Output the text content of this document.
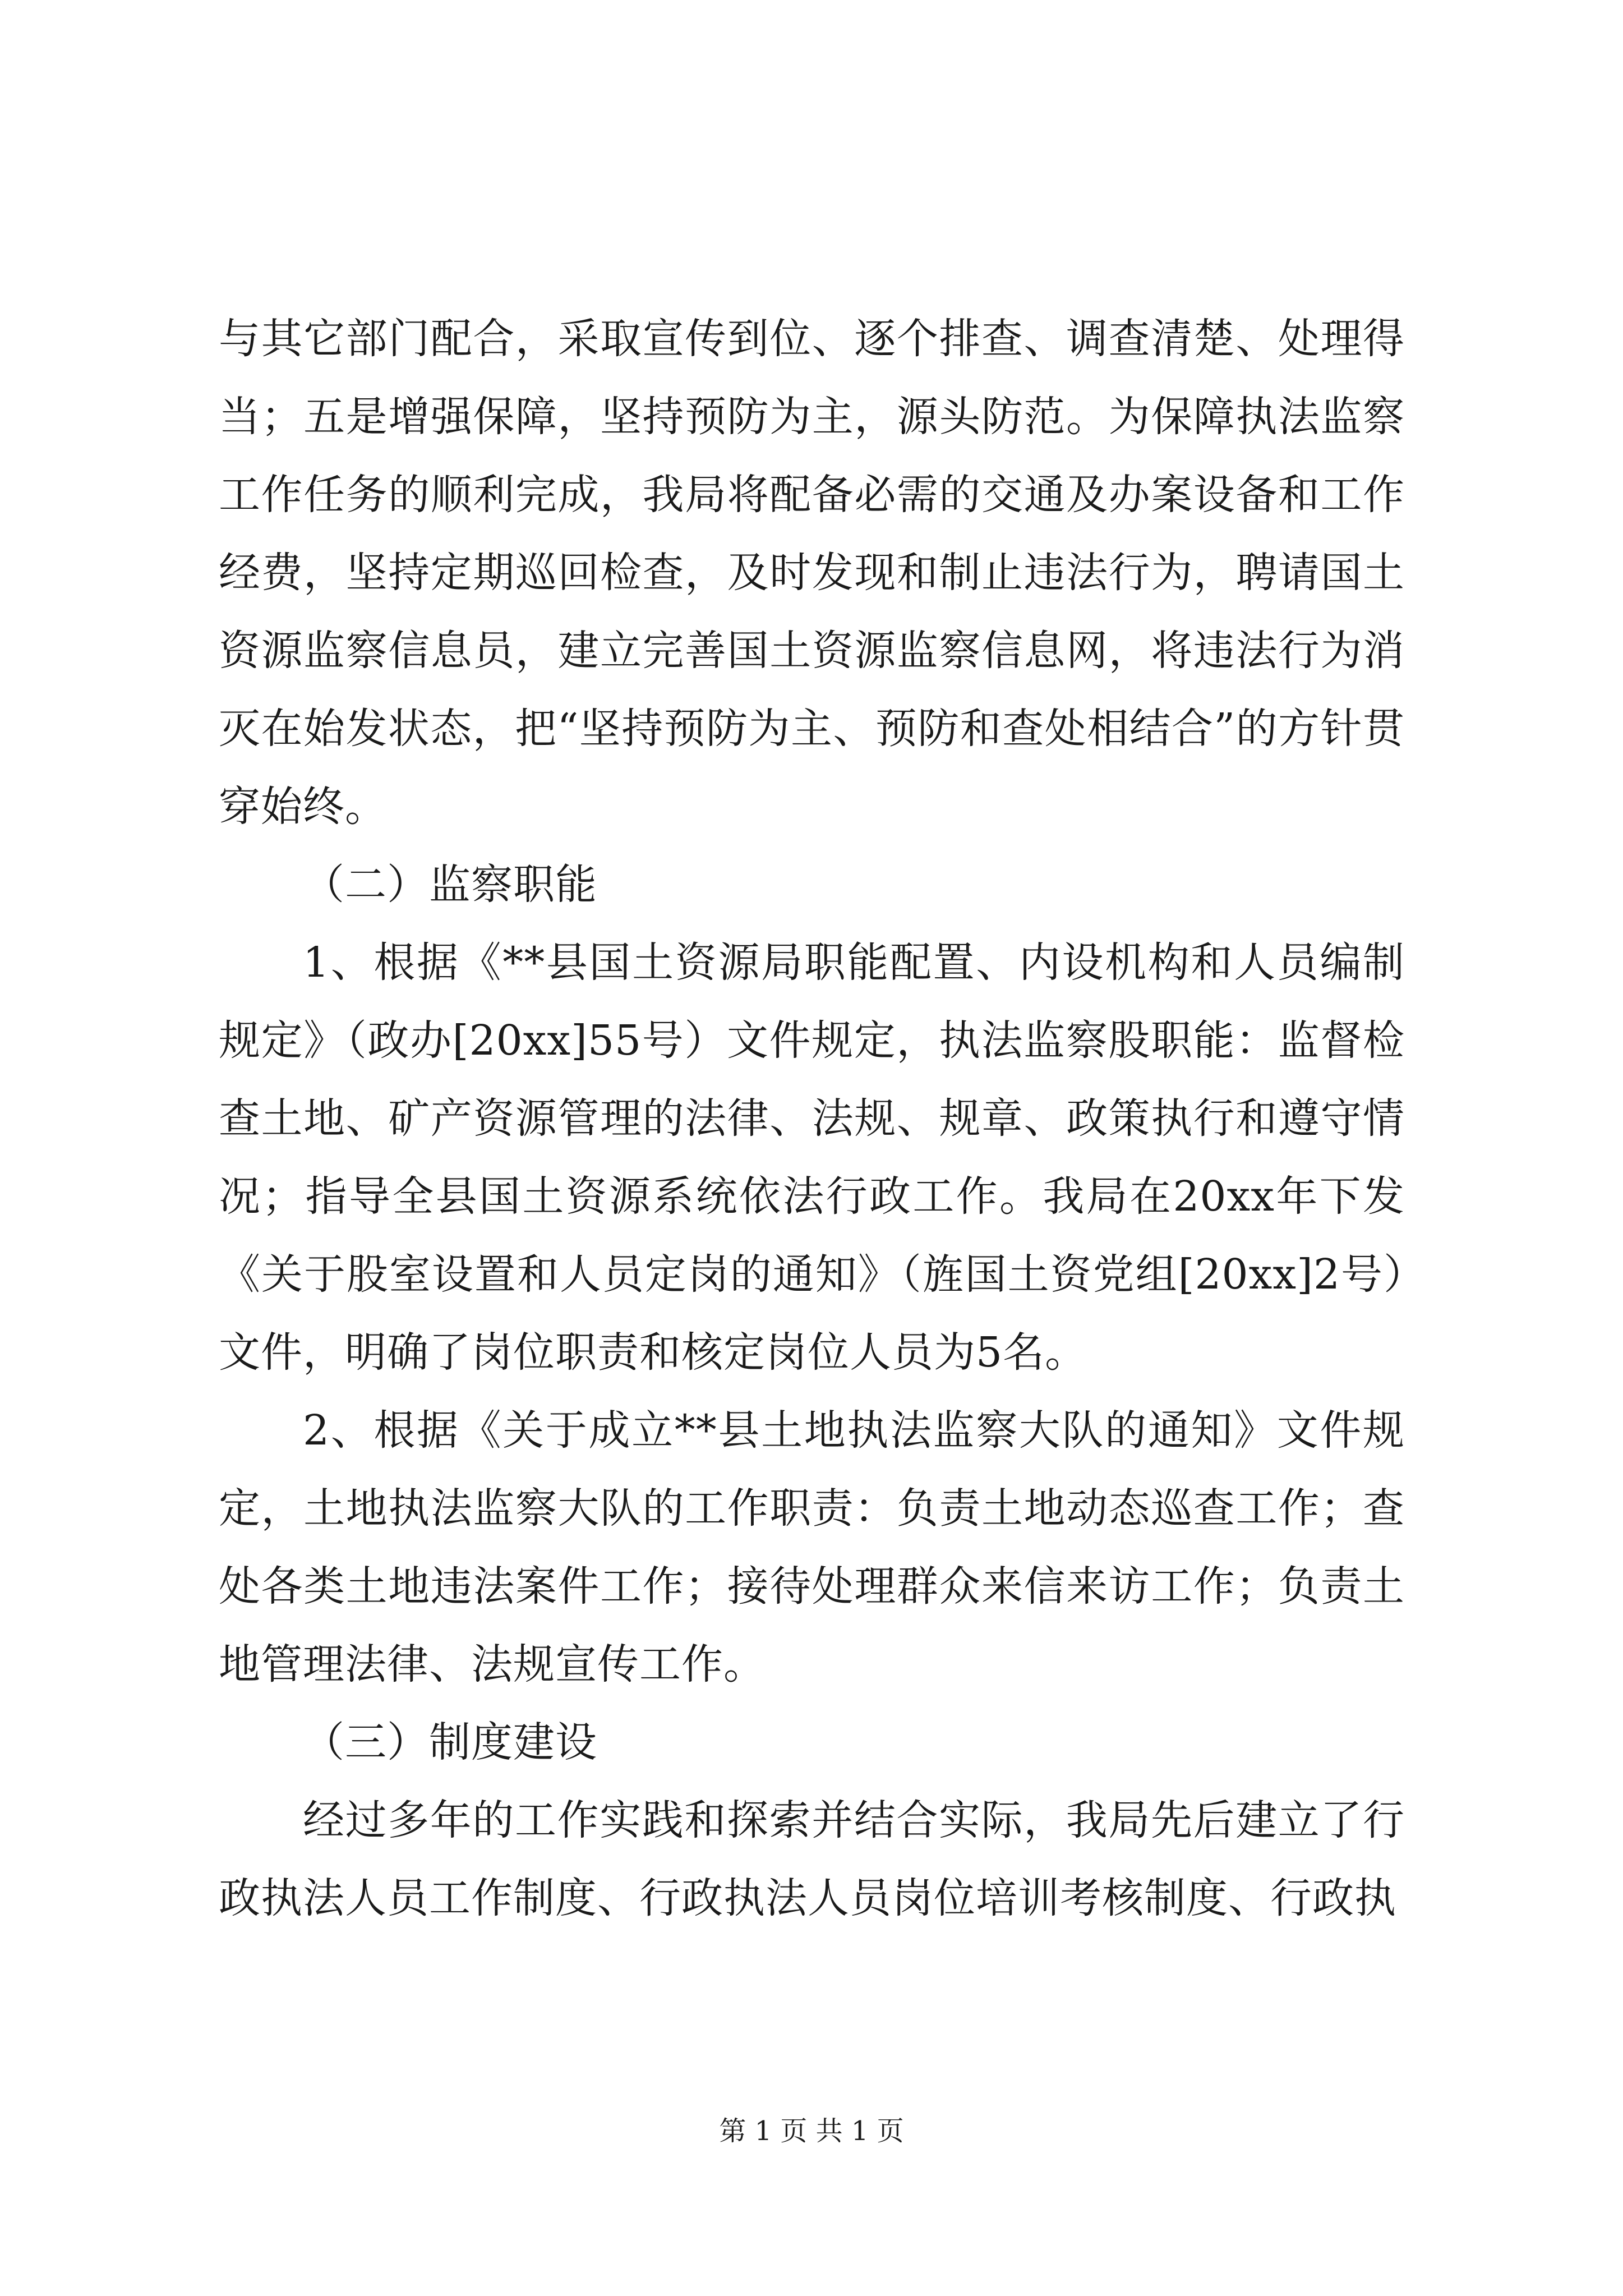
与其它部门配合，采取宣传到位、逐个排查、调查清楚、处理得当；五是增强保障，坚持预防为主，源头防范。为保障执法监察工作任务的顺利完成，我局将配备必需的交通及办案设备和工作经费，坚持定期巡回检查，及时发现和制止违法行为，聘请国土资源监察信息员，建立完善国土资源监察信息网，将违法行为消灭在始发状态，把“坚持预防为主、预防和查处相结合”的方针贯穿始终。

（二）监察职能

1、根据《**县国土资源局职能配置、内设机构和人员编制规定》（政办[20xx]55号）文件规定，执法监察股职能：监督检查土地、矿产资源管理的法律、法规、规章、政策执行和遵守情况；指导全县国土资源系统依法行政工作。我局在20xx年下发《关于股室设置和人员定岗的通知》（旌国土资党组[20xx]2号）文件，明确了岗位职责和核定岗位人员为5名。

2、根据《关于成立**县土地执法监察大队的通知》文件规定，土地执法监察大队的工作职责：负责土地动态巡查工作；查处各类土地违法案件工作；接待处理群众来信来访工作；负责土地管理法律、法规宣传工作。

（三）制度建设

经过多年的工作实践和探索并结合实际，我局先后建立了行政执法人员工作制度、行政执法人员岗位培训考核制度、行政执

第 1 页 共 1 页
